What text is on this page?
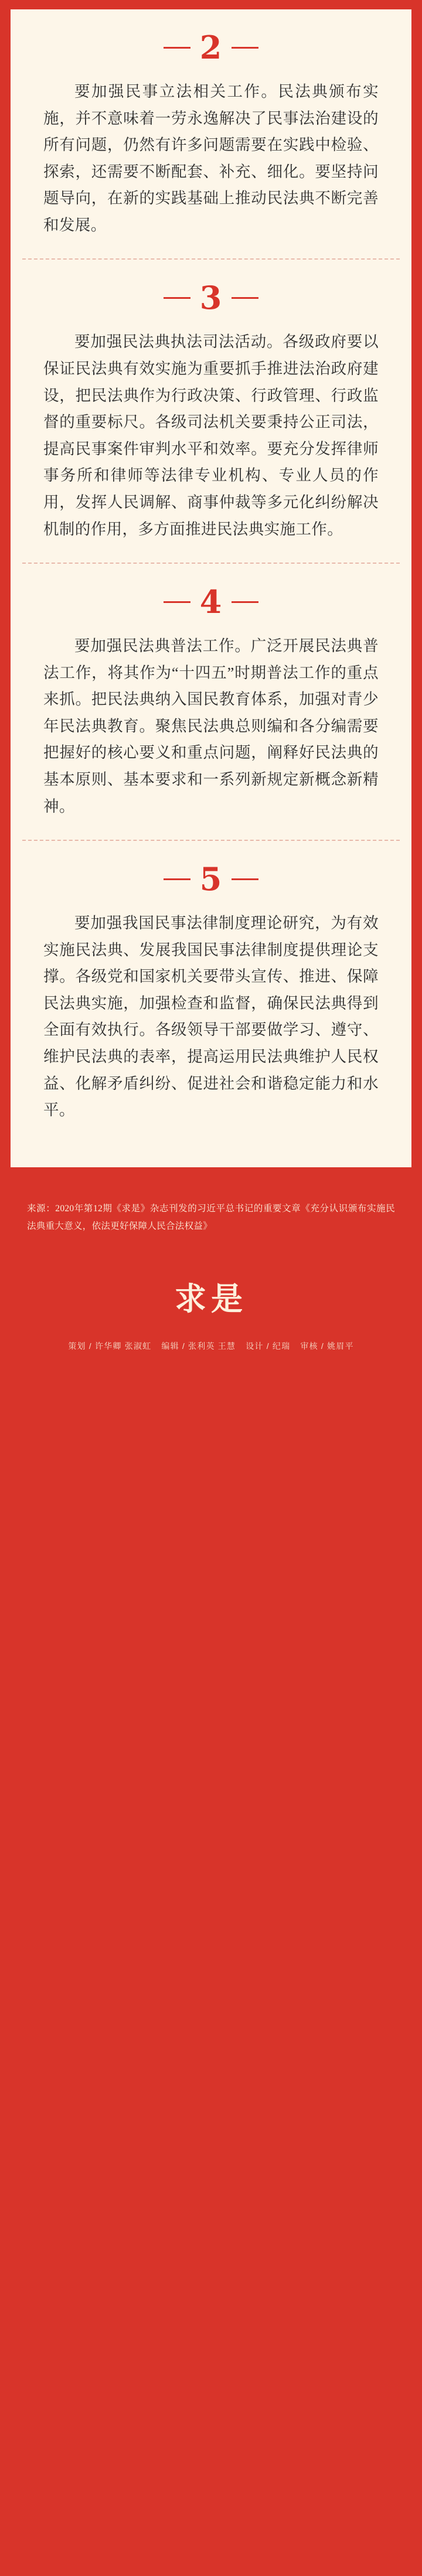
2

要加强民事立法相关工作。民法典颁布实施，并不意味着一劳永逸解决了民事法治建设的所有问题，仍然有许多问题需要在实践中检验、探索，还需要不断配套、补充、细化。要坚持问题导向，在新的实践基础上推动民法典不断完善和发展。

3

要加强民法典执法司法活动。各级政府要以保证民法典有效实施为重要抓手推进法治政府建设，把民法典作为行政决策、行政管理、行政监督的重要标尺。各级司法机关要秉持公正司法，提高民事案件审判水平和效率。要充分发挥律师事务所和律师等法律专业机构、专业人员的作用，发挥人民调解、商事仲裁等多元化纠纷解决机制的作用，多方面推进民法典实施工作。

4

要加强民法典普法工作。广泛开展民法典普法工作，将其作为“十四五”时期普法工作的重点来抓。把民法典纳入国民教育体系，加强对青少年民法典教育。聚焦民法典总则编和各分编需要把握好的核心要义和重点问题，阐释好民法典的基本原则、基本要求和一系列新规定新概念新精神。

5

要加强我国民事法律制度理论研究，为有效实施民法典、发展我国民事法律制度提供理论支撑。各级党和国家机关要带头宣传、推进、保障民法典实施，加强检查和监督，确保民法典得到全面有效执行。各级领导干部要做学习、遵守、维护民法典的表率，提高运用民法典维护人民权益、化解矛盾纠纷、促进社会和谐稳定能力和水平。

来源：2020年第12期《求是》杂志刊发的习近平总书记的重要文章《充分认识颁布实施民法典重大意义，依法更好保障人民合法权益》

求是
策划 / 许华卿 张淑虹 编辑 / 张利英 王慧 设计 / 纪瑞 审核 / 姚眉平
